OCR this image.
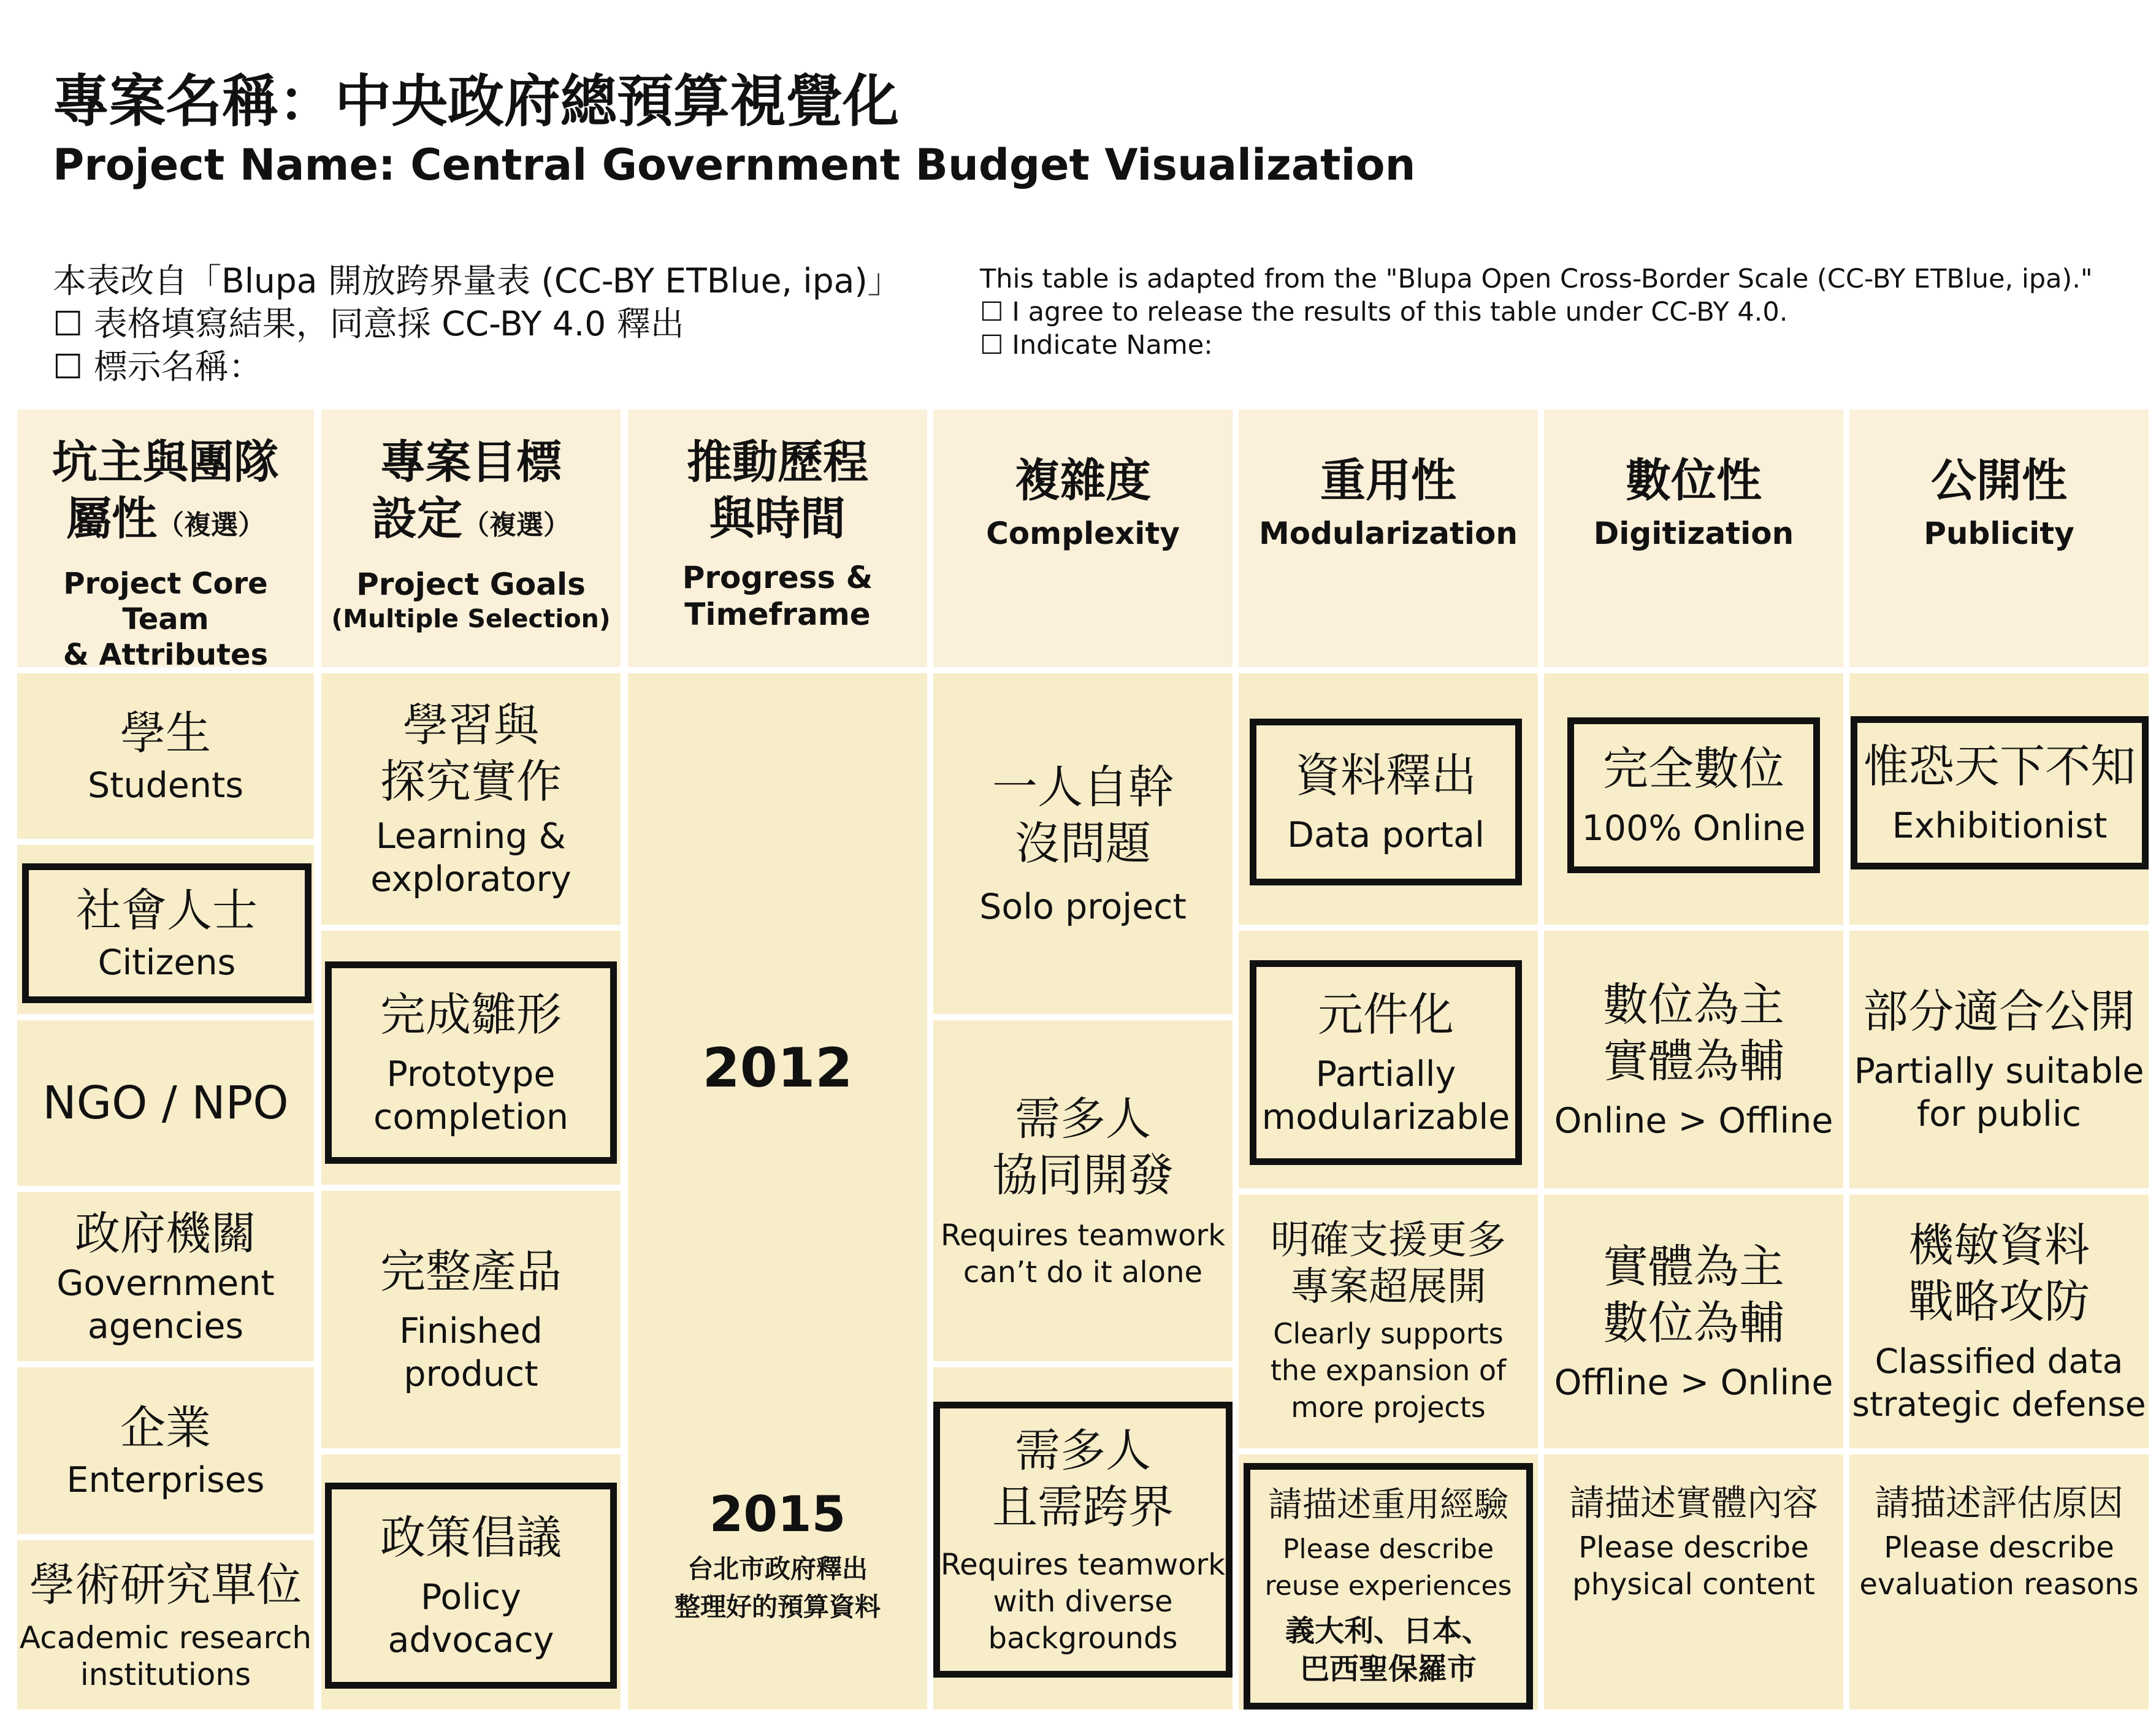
專案名稱：中央政府總預算視覺化
Project Name: Central Government Budget Visualization
本表改自「Blupa 開放跨界量表 (CC-BY ETBlue, ipa)」
☐ 表格填寫結果，同意採 CC-BY 4.0 釋出
☐ 標示名稱：
This table is adapted from the "Blupa Open Cross-Border Scale (CC-BY ETBlue, ipa)."
☐ I agree to release the results of this table under CC-BY 4.0.
☐ Indicate Name:
坑主與團隊
屬性（複選）
Project Core Team
& Attributes
專案目標
設定（複選）
Project Goals
(Multiple Selection)
推動歷程
與時間
Progress &
Timeframe
複雜度
Complexity
重用性
Modularization
數位性
Digitization
公開性
Publicity
學生
Students
社會人士
Citizens
NGO / NPO
政府機關
Government
agencies
企業
Enterprises
學術研究單位
Academic research
institutions
學習與
探究實作
Learning &
exploratory
完成雛形
Prototype
completion
完整產品
Finished
product
政策倡議
Policy
advocacy
2012
2015
台北市政府釋出
整理好的預算資料
一人自幹
沒問題
Solo project
需多人
協同開發
Requires teamwork
can’t do it alone
需多人
且需跨界
Requires teamwork
with diverse
backgrounds
資料釋出
Data portal
元件化
Partially
modularizable
明確支援更多
專案超展開
Clearly supports
the expansion of
more projects
請描述重用經驗
Please describe
reuse experiences
義大利、日本、
巴西聖保羅市
完全數位
100% Online
數位為主
實體為輔
Online > Offline
實體為主
數位為輔
Offline > Online
請描述實體內容
Please describe
physical content
惟恐天下不知
Exhibitionist
部分適合公開
Partially suitable
for public
機敏資料
戰略攻防
Classified data
strategic defense
請描述評估原因
Please describe
evaluation reasons
